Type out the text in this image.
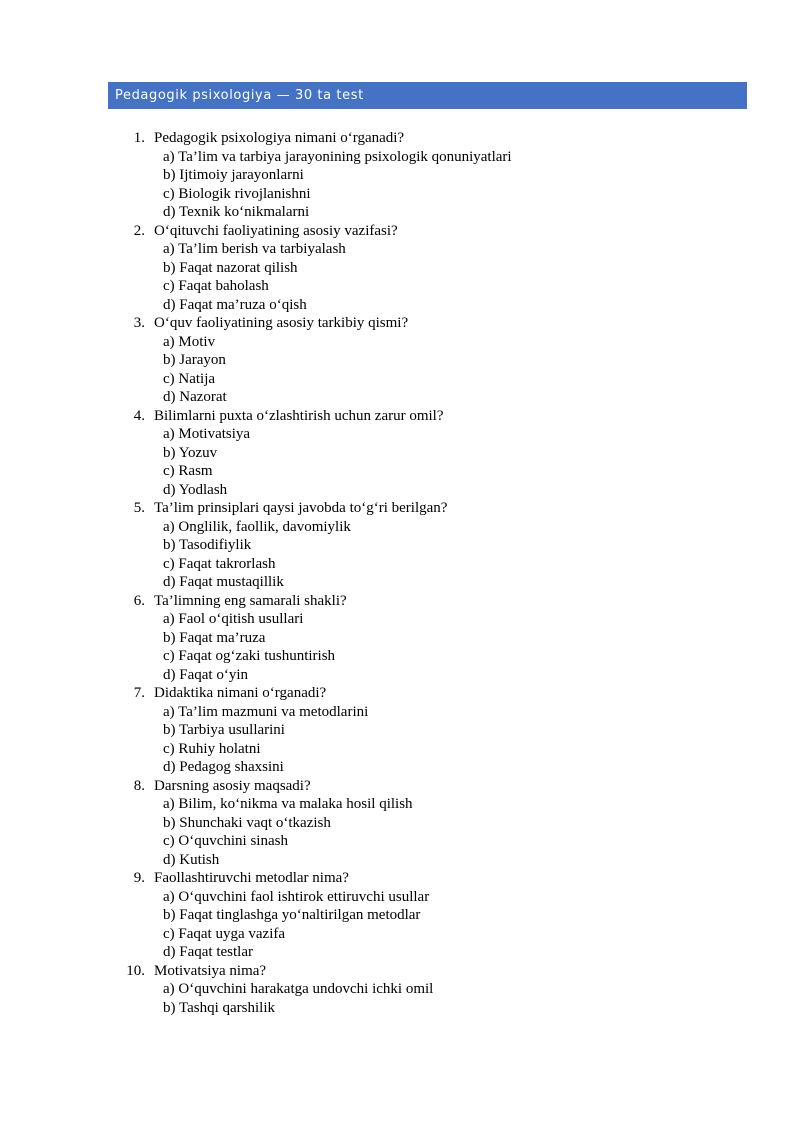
Pedagogik psixologiya — 30 ta test
1. Pedagogik psixologiya nimani o‘rganadi?
a) Ta’lim va tarbiya jarayonining psixologik qonuniyatlari
b) Ijtimoiy jarayonlarni
c) Biologik rivojlanishni
d) Texnik ko‘nikmalarni
2. O‘qituvchi faoliyatining asosiy vazifasi?
a) Ta’lim berish va tarbiyalash
b) Faqat nazorat qilish
c) Faqat baholash
d) Faqat ma’ruza o‘qish
3. O‘quv faoliyatining asosiy tarkibiy qismi?
a) Motiv
b) Jarayon
c) Natija
d) Nazorat
4. Bilimlarni puxta o‘zlashtirish uchun zarur omil?
a) Motivatsiya
b) Yozuv
c) Rasm
d) Yodlash
5. Ta’lim prinsiplari qaysi javobda to‘g‘ri berilgan?
a) Onglilik, faollik, davomiylik
b) Tasodifiylik
c) Faqat takrorlash
d) Faqat mustaqillik
6. Ta’limning eng samarali shakli?
a) Faol o‘qitish usullari
b) Faqat ma’ruza
c) Faqat og‘zaki tushuntirish
d) Faqat o‘yin
7. Didaktika nimani o‘rganadi?
a) Ta’lim mazmuni va metodlarini
b) Tarbiya usullarini
c) Ruhiy holatni
d) Pedagog shaxsini
8. Darsning asosiy maqsadi?
a) Bilim, ko‘nikma va malaka hosil qilish
b) Shunchaki vaqt o‘tkazish
c) O‘quvchini sinash
d) Kutish
9. Faollashtiruvchi metodlar nima?
a) O‘quvchini faol ishtirok ettiruvchi usullar
b) Faqat tinglashga yo‘naltirilgan metodlar
c) Faqat uyga vazifa
d) Faqat testlar
10. Motivatsiya nima?
a) O‘quvchini harakatga undovchi ichki omil
b) Tashqi qarshilik
